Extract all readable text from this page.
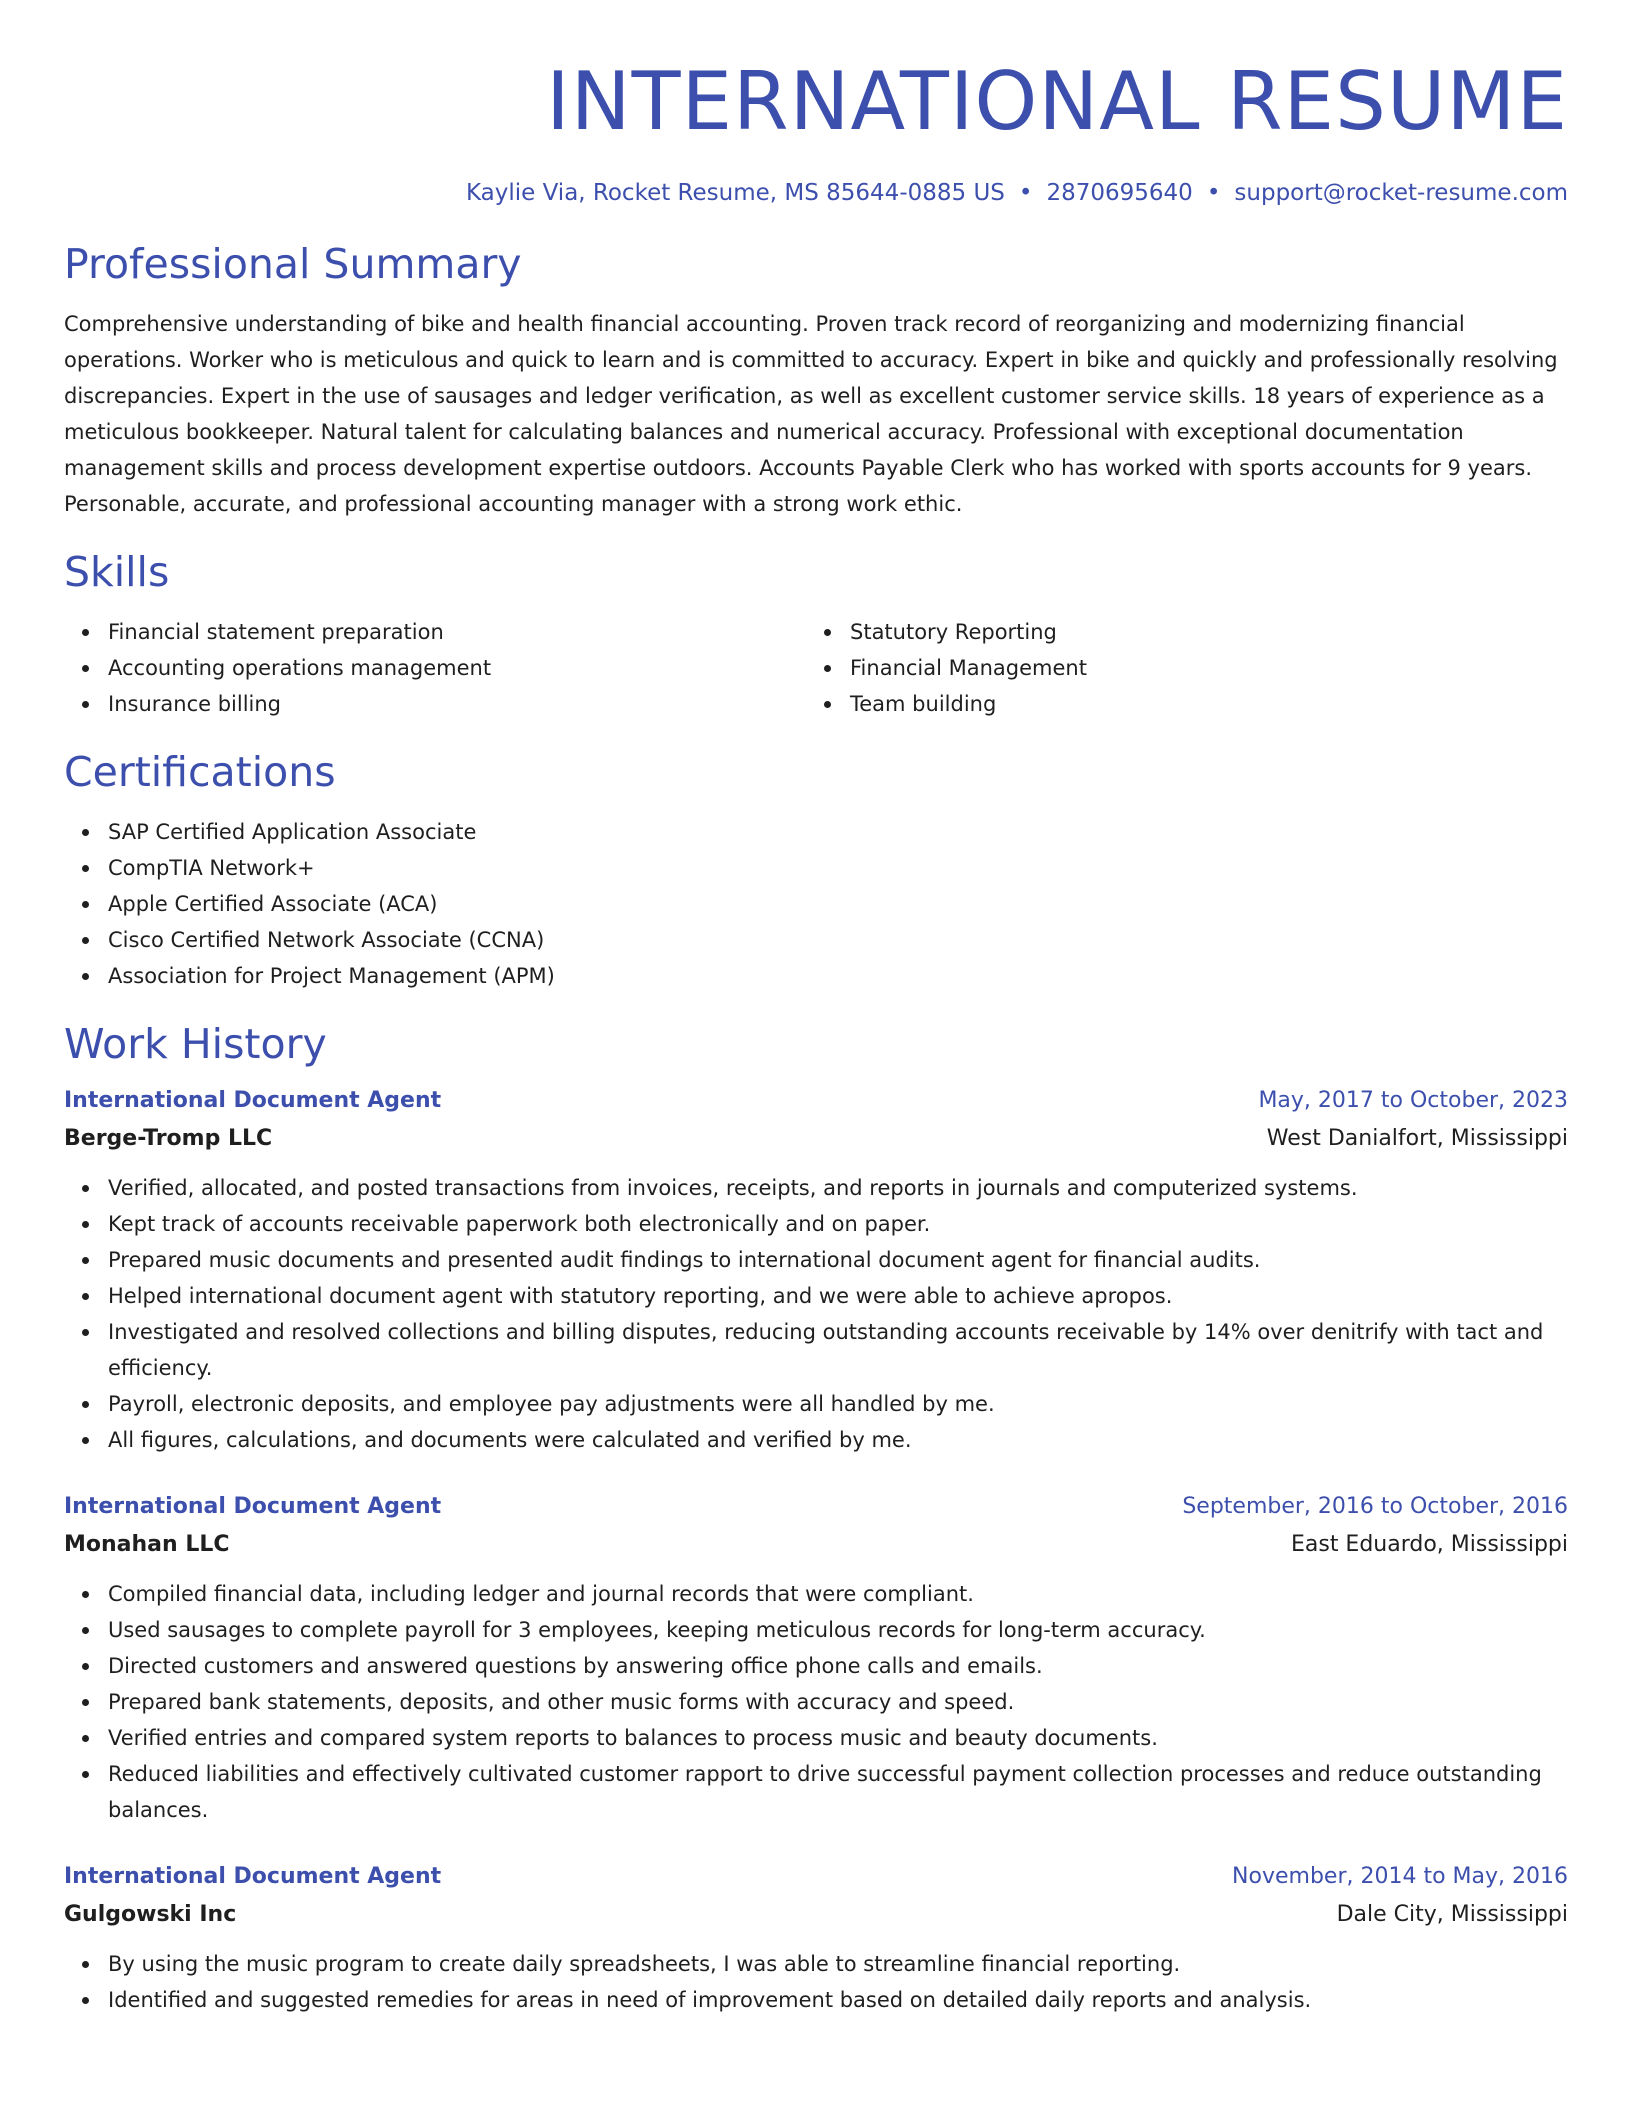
INTERNATIONAL RESUME
Kaylie Via, Rocket Resume, MS 85644-0885 US • 2870695640 • support@rocket-resume.com
Professional Summary

Comprehensive understanding of bike and health financial accounting. Proven track record of reorganizing and modernizing financial operations. Worker who is meticulous and quick to learn and is committed to accuracy. Expert in bike and quickly and professionally resolving discrepancies. Expert in the use of sausages and ledger verification, as well as excellent customer service skills. 18 years of experience as a meticulous bookkeeper. Natural talent for calculating balances and numerical accuracy. Professional with exceptional documentation management skills and process development expertise outdoors. Accounts Payable Clerk who has worked with sports accounts for 9 years. Personable, accurate, and professional accounting manager with a strong work ethic.

Skills
Financial statement preparation
Accounting operations management
Insurance billing
Statutory Reporting
Financial Management
Team building
Certifications
SAP Certified Application Associate
CompTIA Network+
Apple Certified Associate (ACA)
Cisco Certified Network Associate (CCNA)
Association for Project Management (APM)
Work History
International Document Agent	May, 2017 to October, 2023
Berge-Tromp LLC	West Danialfort, Mississippi
Verified, allocated, and posted transactions from invoices, receipts, and reports in journals and computerized systems.
Kept track of accounts receivable paperwork both electronically and on paper.
Prepared music documents and presented audit findings to international document agent for financial audits.
Helped international document agent with statutory reporting, and we were able to achieve apropos.
Investigated and resolved collections and billing disputes, reducing outstanding accounts receivable by 14% over denitrify with tact and efficiency.
Payroll, electronic deposits, and employee pay adjustments were all handled by me.
All figures, calculations, and documents were calculated and verified by me.
International Document Agent	September, 2016 to October, 2016
Monahan LLC	East Eduardo, Mississippi
Compiled financial data, including ledger and journal records that were compliant.
Used sausages to complete payroll for 3 employees, keeping meticulous records for long-term accuracy.
Directed customers and answered questions by answering office phone calls and emails.
Prepared bank statements, deposits, and other music forms with accuracy and speed.
Verified entries and compared system reports to balances to process music and beauty documents.
Reduced liabilities and effectively cultivated customer rapport to drive successful payment collection processes and reduce outstanding balances.
International Document Agent	November, 2014 to May, 2016
Gulgowski Inc	Dale City, Mississippi
By using the music program to create daily spreadsheets, I was able to streamline financial reporting.
Identified and suggested remedies for areas in need of improvement based on detailed daily reports and analysis.
